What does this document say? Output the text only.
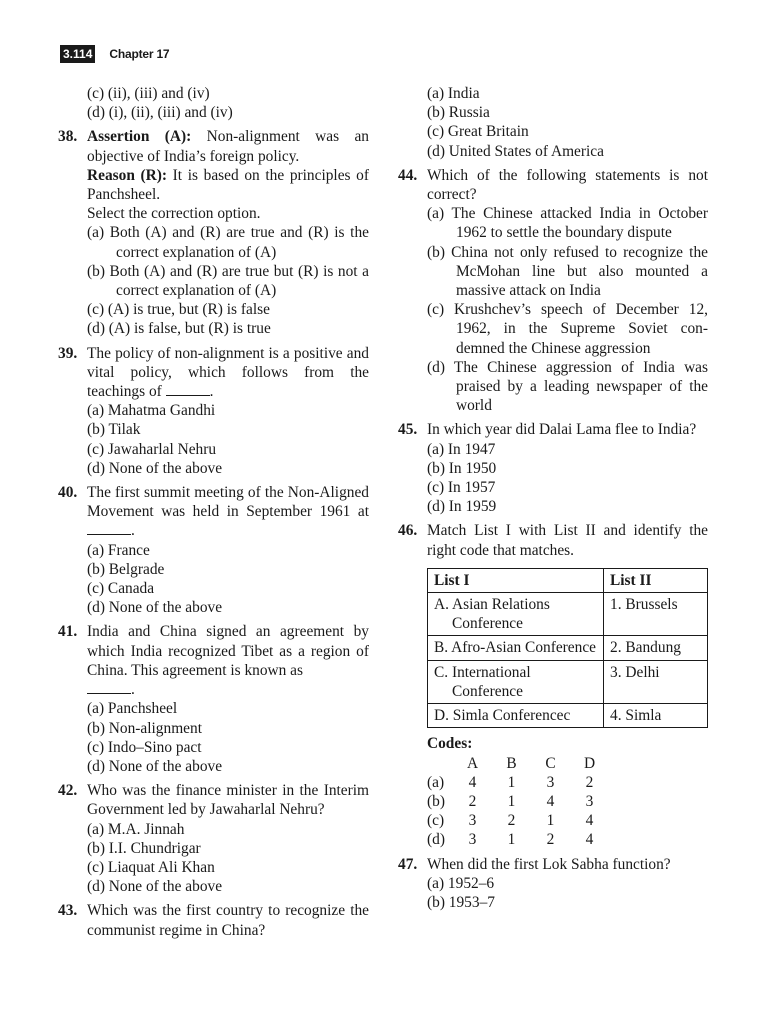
3.114 Chapter 17
(c) (ii), (iii) and (iv)
(d) (i), (ii), (iii) and (iv)
38. Assertion (A): Non-alignment was an objective of India’s foreign policy.
Reason (R): It is based on the principles of Panchsheel.
Select the correction option.
(a) Both (A) and (R) are true and (R) is the correct explanation of (A)
(b) Both (A) and (R) are true but (R) is not a correct explanation of (A)
(c) (A) is true, but (R) is false
(d) (A) is false, but (R) is true
39. The policy of non-alignment is a positive and vital policy, which follows from the teachings of	.
(a) Mahatma Gandhi
(b) Tilak
(c) Jawaharlal Nehru
(d) None of the above
40. The first summit meeting of the Non-Aligned Movement was held in September 1961 at .
(a) France
(b) Belgrade
(c) Canada
(d) None of the above
41. India and China signed an agreement by which India recognized Tibet as a region of China. This agreement is known as
.
(a) Panchsheel
(b) Non-alignment
(c) Indo–Sino pact
(d) None of the above
42. Who was the finance minister in the Interim Government led by Jawaharlal Nehru?
(a) M.A. Jinnah
(b) I.I. Chundrigar
(c) Liaquat Ali Khan
(d) None of the above
43. Which was the first country to recognize the communist regime in China?
(a) India
(b) Russia
(c) Great Britain
(d) United States of America
44. Which of the following statements is not correct?
(a) The Chinese attacked India in October 1962 to settle the boundary dispute
(b) China not only refused to recognize the McMohan line but also mounted a massive attack on India
(c) Krushchev’s speech of December 12, 1962, in the Supreme Soviet con-demned the Chinese aggression
(d) The Chinese aggression of India was praised by a leading newspaper of the world
45. In which year did Dalai Lama flee to India?
(a) In 1947
(b) In 1950
(c) In 1957
(d) In 1959
46. Match List I with List II and identify the right code that matches.
List I	List II

A. Asian Relations Conference	1. Brussels

B. Afro-Asian Conference	2. Bandung

C. International Conference	3. Delhi

D. Simla Conferencec	4. Simla
Codes:
A	B	C	D
(a)	4	1	3	2
(b)	2	1	4	3
(c)	3	2	1	4
(d)	3	1	2	4
47. When did the first Lok Sabha function?
(a) 1952–6
(b) 1953–7
